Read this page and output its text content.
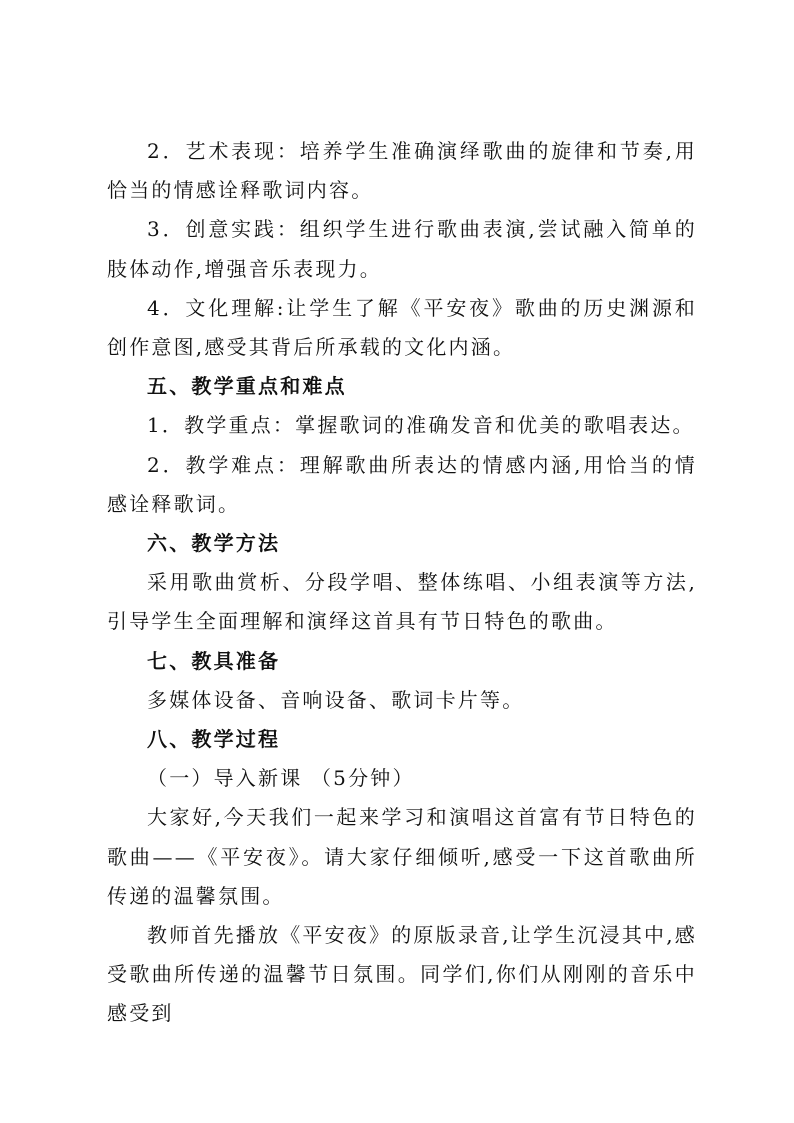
2．艺术表现：培养学生准确演绎歌曲的旋律和节奏,用恰当的情感诠释歌词内容。

3．创意实践：组织学生进行歌曲表演,尝试融入简单的肢体动作,增强音乐表现力。

4．文化理解:让学生了解《平安夜》歌曲的历史渊源和创作意图,感受其背后所承载的文化内涵。

五、教学重点和难点

1．教学重点：掌握歌词的准确发音和优美的歌唱表达。

2．教学难点：理解歌曲所表达的情感内涵,用恰当的情感诠释歌词。

六、教学方法

采用歌曲赏析、分段学唱、整体练唱、小组表演等方法,引导学生全面理解和演绎这首具有节日特色的歌曲。

七、教具准备

多媒体设备、音响设备、歌词卡片等。

八、教学过程

（一）导入新课 （5分钟）

大家好,今天我们一起来学习和演唱这首富有节日特色的歌曲——《平安夜》。请大家仔细倾听,感受一下这首歌曲所传递的温馨氛围。

教师首先播放《平安夜》的原版录音,让学生沉浸其中,感受歌曲所传递的温馨节日氛围。同学们,你们从刚刚的音乐中感受到
